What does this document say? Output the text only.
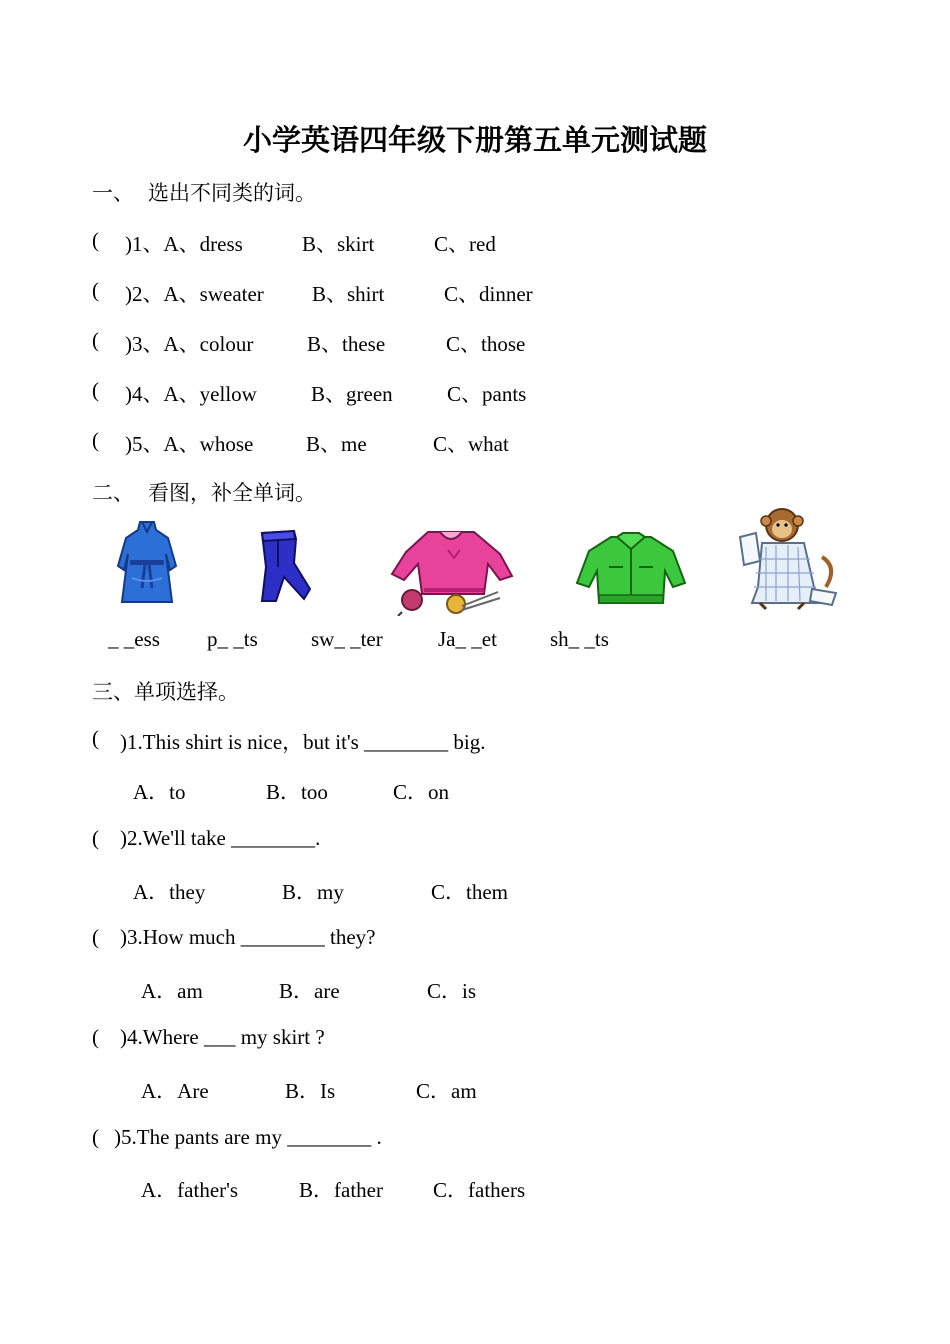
小学英语四年级下册第五单元测试题
一、 选出不同类的词。
( )1、A、dress	B、skirt	C、red
( )2、A、sweater B、shirt	C、dinner
( )3、A、colour	B、these	C、those
( )4、A、yellow	B、green	C、pants
( )5、A、whose	B、me	C、what
二、 看图，补全单词。
_ _ess p_ _ts	sw_ _ter	Ja_ _et	sh_ _ts
三、单项选择。
( )1.This shirt is nice，but it's ________ big.
A．to	B．too	C．on
( )2.We'll take ________.
A．they	B．my	C．them
( )3.How much ________ they?
A．am	B．are	C．is
( )4.Where ___ my skirt ?
A．Are	B．Is	C．am
( )5.The pants are my ________ .
A．father's	B．father C．fathers
